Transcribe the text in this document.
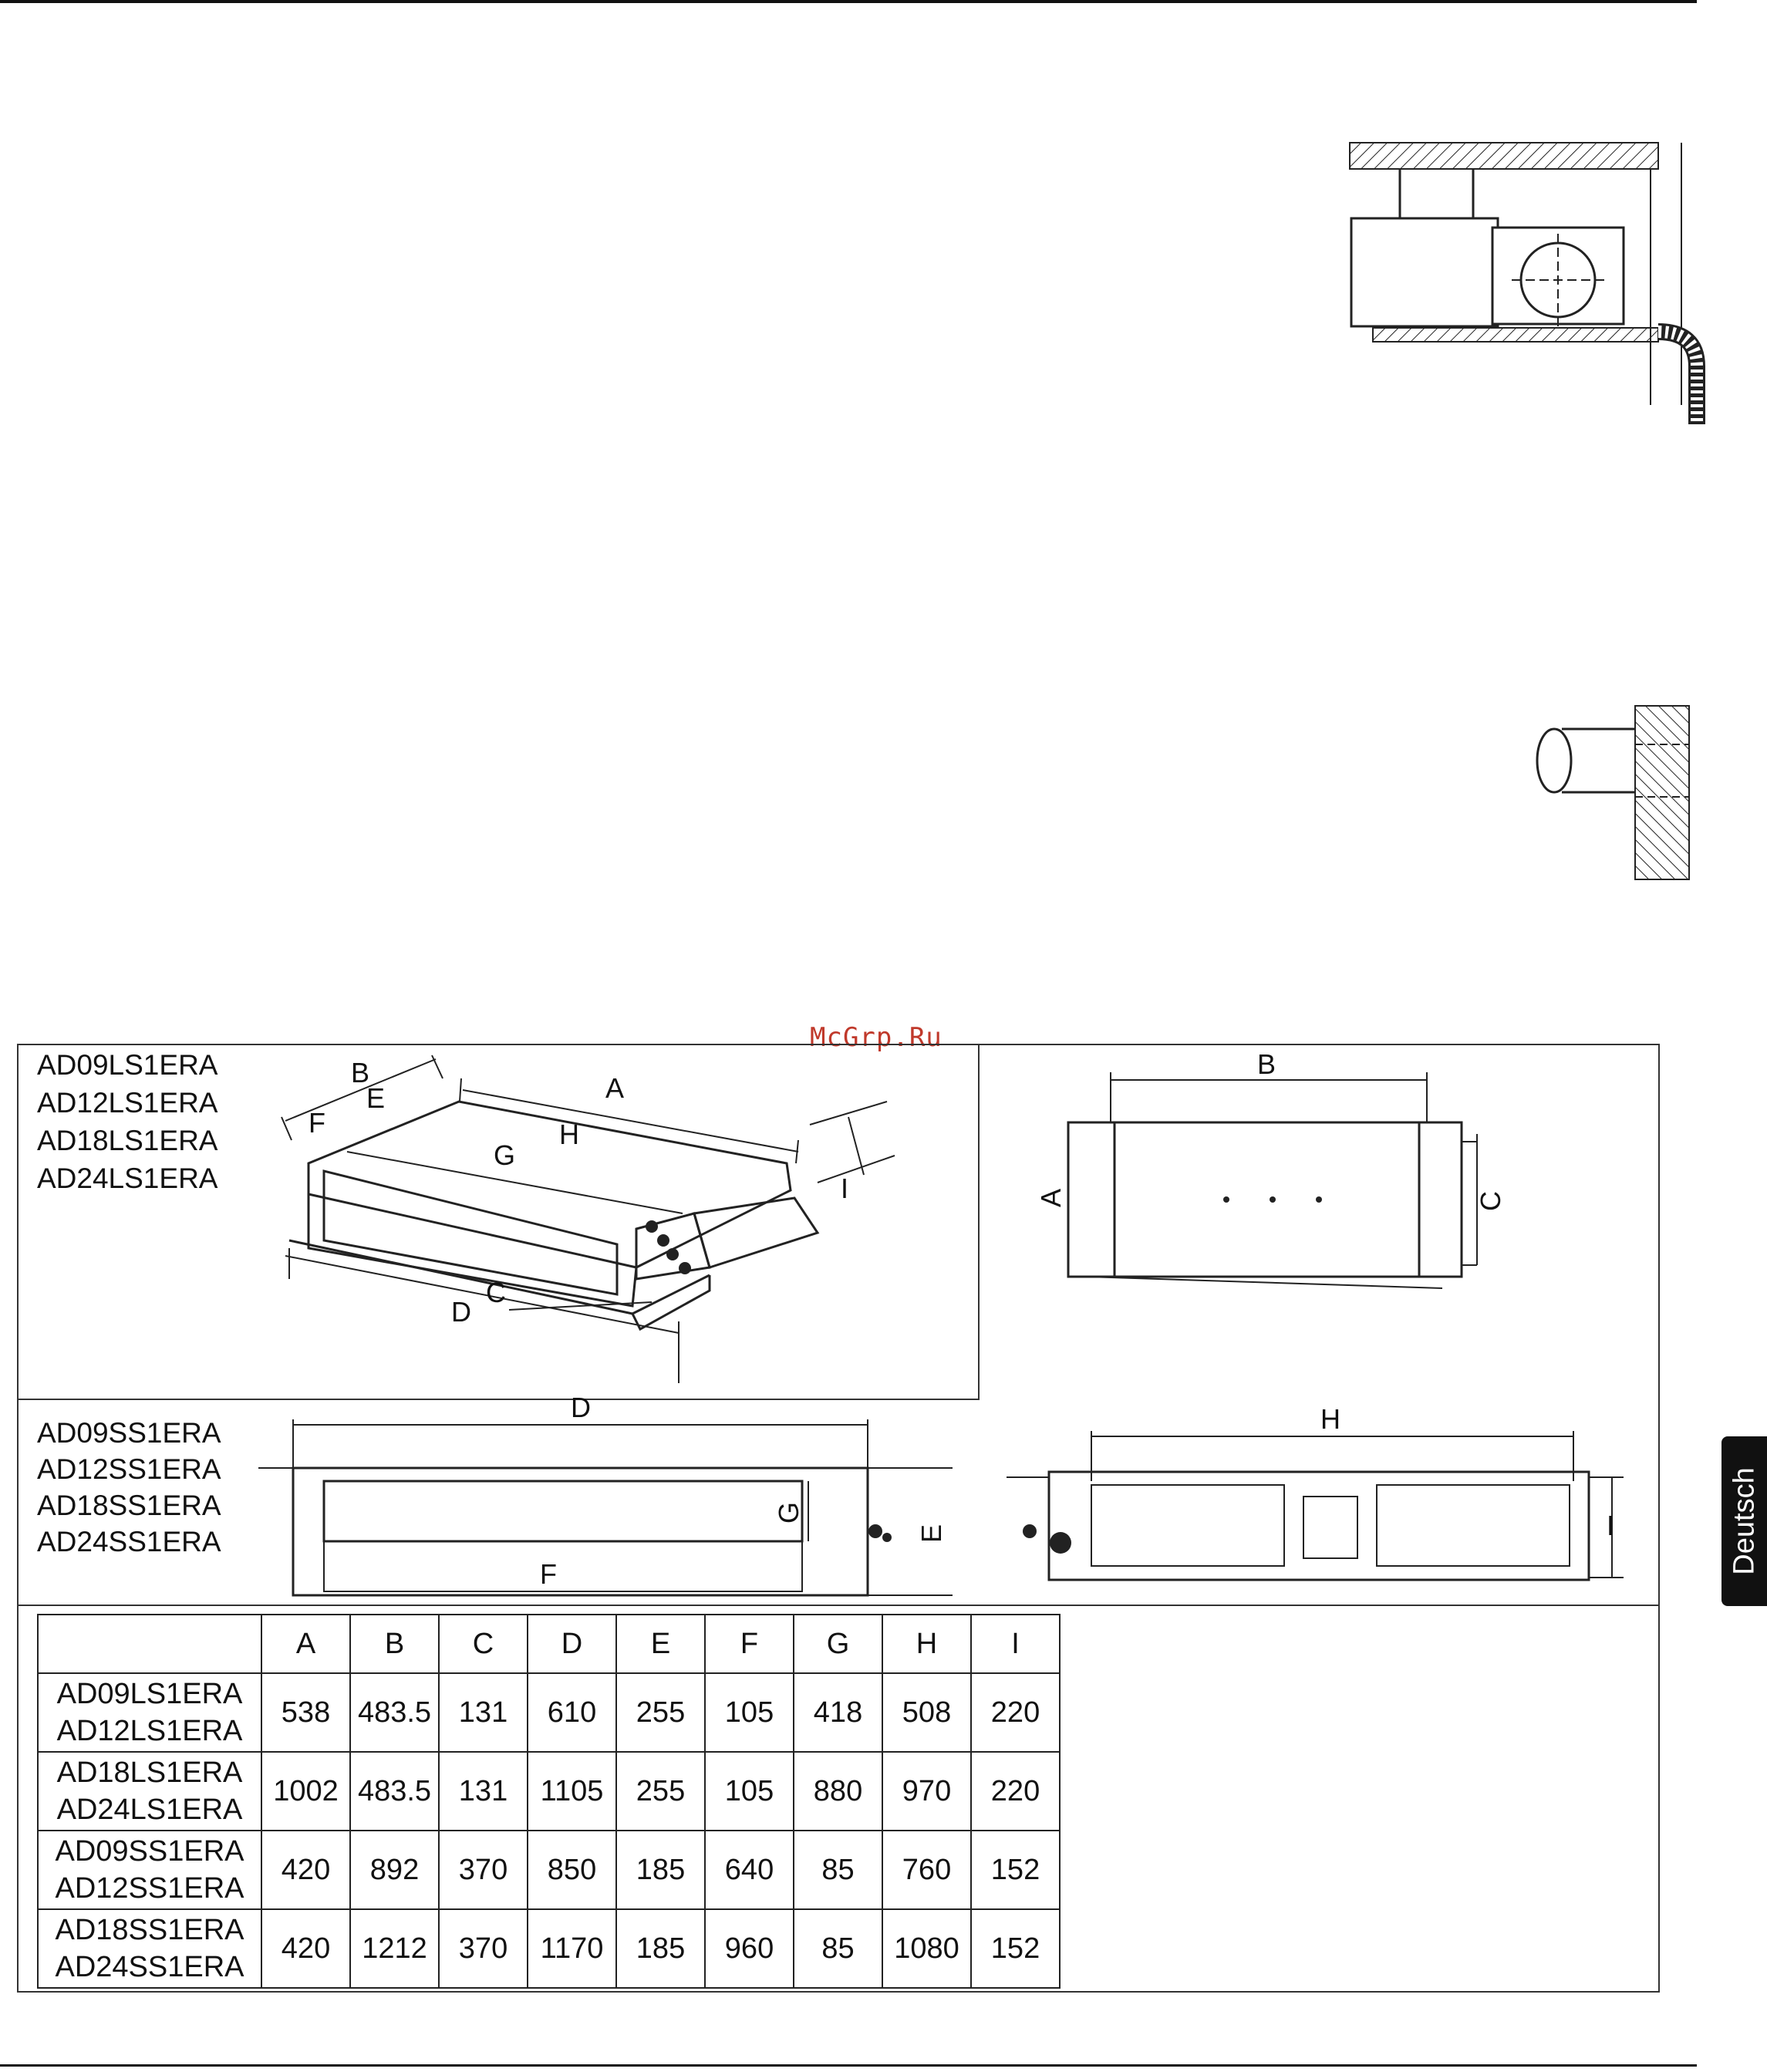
McGrp.Ru
AD09LS1ERA
AD12LS1ERA
AD18LS1ERA
AD24LS1ERA
B
E
F
A
H
G
I
C
D
B
A	C
AD09SS1ERA
AD12SS1ERA
AD18SS1ERA
AD24SS1ERA
D
G
E
F
H
I
	A	B	C	D	E	F	G	H	I

AD09LS1ERA
AD12LS1ERA	538	483.5	131	610	255	105	418	508	220

AD18LS1ERA
AD24LS1ERA	1002	483.5	131	1105	255	105	880	970	220

AD09SS1ERA
AD12SS1ERA	420	892	370	850	185	640	85	760	152

AD18SS1ERA
AD24SS1ERA	420	1212	370	1170	185	960	85	1080	152
Deutsch
